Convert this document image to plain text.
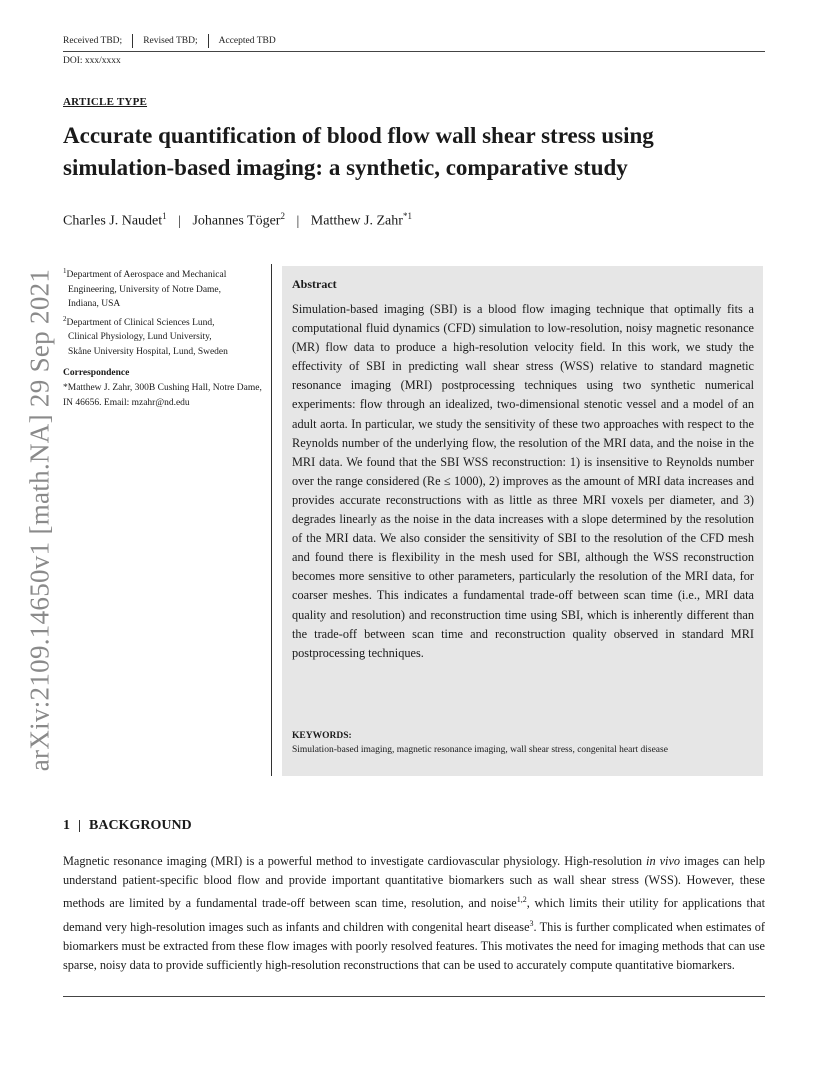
Received TBD; Revised TBD; Accepted TBD
DOI: xxx/xxxx
ARTICLE TYPE
Accurate quantification of blood flow wall shear stress using simulation-based imaging: a synthetic, comparative study
Charles J. Naudet$^1$ | Johannes Töger$^2$ | Matthew J. Zahr$^{*1}$
arXiv:2109.14650v1 [math.NA] 29 Sep 2021 $^1$Department of Aerospace and Mechanical
Engineering, University of Notre Dame,
Indiana, USA
$^2$Department of Clinical Sciences Lund,
Clinical Physiology, Lund University,
Skåne University Hospital, Lund, Sweden
Correspondence
*Matthew J. Zahr, 300B Cushing Hall, Notre Dame, IN 46656. Email: mzahr@nd.edu
Abstract
Simulation-based imaging (SBI) is a blood flow imaging technique that optimally fits a computational fluid dynamics (CFD) simulation to low-resolution, noisy magnetic resonance (MR) flow data to produce a high-resolution velocity field. In this work, we study the effectivity of SBI in predicting wall shear stress (WSS) relative to standard magnetic resonance imaging (MRI) postprocessing techniques using two synthetic numerical experiments: flow through an idealized, two-dimensional stenotic vessel and a model of an adult aorta. In particular, we study the sensitivity of these two approaches with respect to the Reynolds number of the underlying flow, the resolution of the MRI data, and the noise in the MRI data. We found that the SBI WSS reconstruction: 1) is insensitive to Reynolds number over the range considered (Re ≤ 1000), 2) improves as the amount of MRI data increases and provides accurate reconstructions with as little as three MRI voxels per diameter, and 3) degrades linearly as the noise in the data increases with a slope determined by the resolution of the MRI data. We also consider the sensitivity of SBI to the resolution of the CFD mesh and found there is flexibility in the mesh used for SBI, although the WSS reconstruction becomes more sensitive to other parameters, particularly the resolution of the MRI data, for coarser meshes. This indicates a fundamental trade-off between scan time (i.e., MRI data quality and resolution) and reconstruction time using SBI, which is inherently different than the trade-off between scan time and reconstruction quality observed in standard MRI postprocessing techniques.
KEYWORDS:
Simulation-based imaging, magnetic resonance imaging, wall shear stress, congenital heart disease
1 BACKGROUND
Magnetic resonance imaging (MRI) is a powerful method to investigate cardiovascular physiology. High-resolution in vivo images can help understand patient-specific blood flow and provide important quantitative biomarkers such as wall shear stress (WSS). However, these methods are limited by a fundamental trade-off between scan time, resolution, and noise$^{1,2}$, which limits their utility for applications that demand very high-resolution images such as infants and children with congenital heart disease$^3$. This is further complicated when estimates of biomarkers must be extracted from these flow images with poorly resolved features. This motivates the need for imaging methods that can use sparse, noisy data to provide sufficiently high-resolution reconstructions that can be used to accurately compute quantitative biomarkers.
